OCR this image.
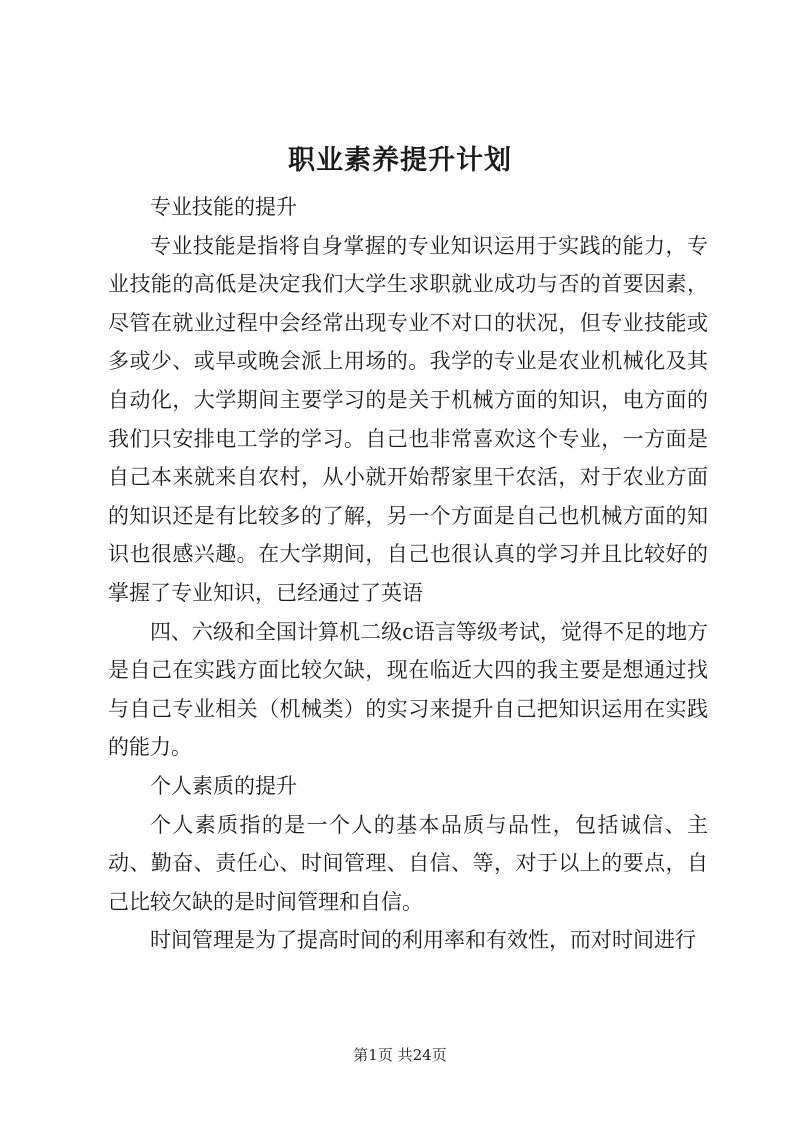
职业素养提升计划

专业技能的提升

专业技能是指将自身掌握的专业知识运用于实践的能力，专业技能的高低是决定我们大学生求职就业成功与否的首要因素，尽管在就业过程中会经常出现专业不对口的状况，但专业技能或多或少、或早或晚会派上用场的。我学的专业是农业机械化及其自动化，大学期间主要学习的是关于机械方面的知识，电方面的我们只安排电工学的学习。自己也非常喜欢这个专业，一方面是自己本来就来自农村，从小就开始帮家里干农活，对于农业方面的知识还是有比较多的了解，另一个方面是自己也机械方面的知识也很感兴趣。在大学期间，自己也很认真的学习并且比较好的掌握了专业知识，已经通过了英语

四、六级和全国计算机二级c语言等级考试，觉得不足的地方是自己在实践方面比较欠缺，现在临近大四的我主要是想通过找与自己专业相关（机械类）的实习来提升自己把知识运用在实践的能力。

个人素质的提升

个人素质指的是一个人的基本品质与品性，包括诚信、主动、勤奋、责任心、时间管理、自信、等，对于以上的要点，自己比较欠缺的是时间管理和自信。

时间管理是为了提高时间的利用率和有效性，而对时间进行

第1页 共24页
